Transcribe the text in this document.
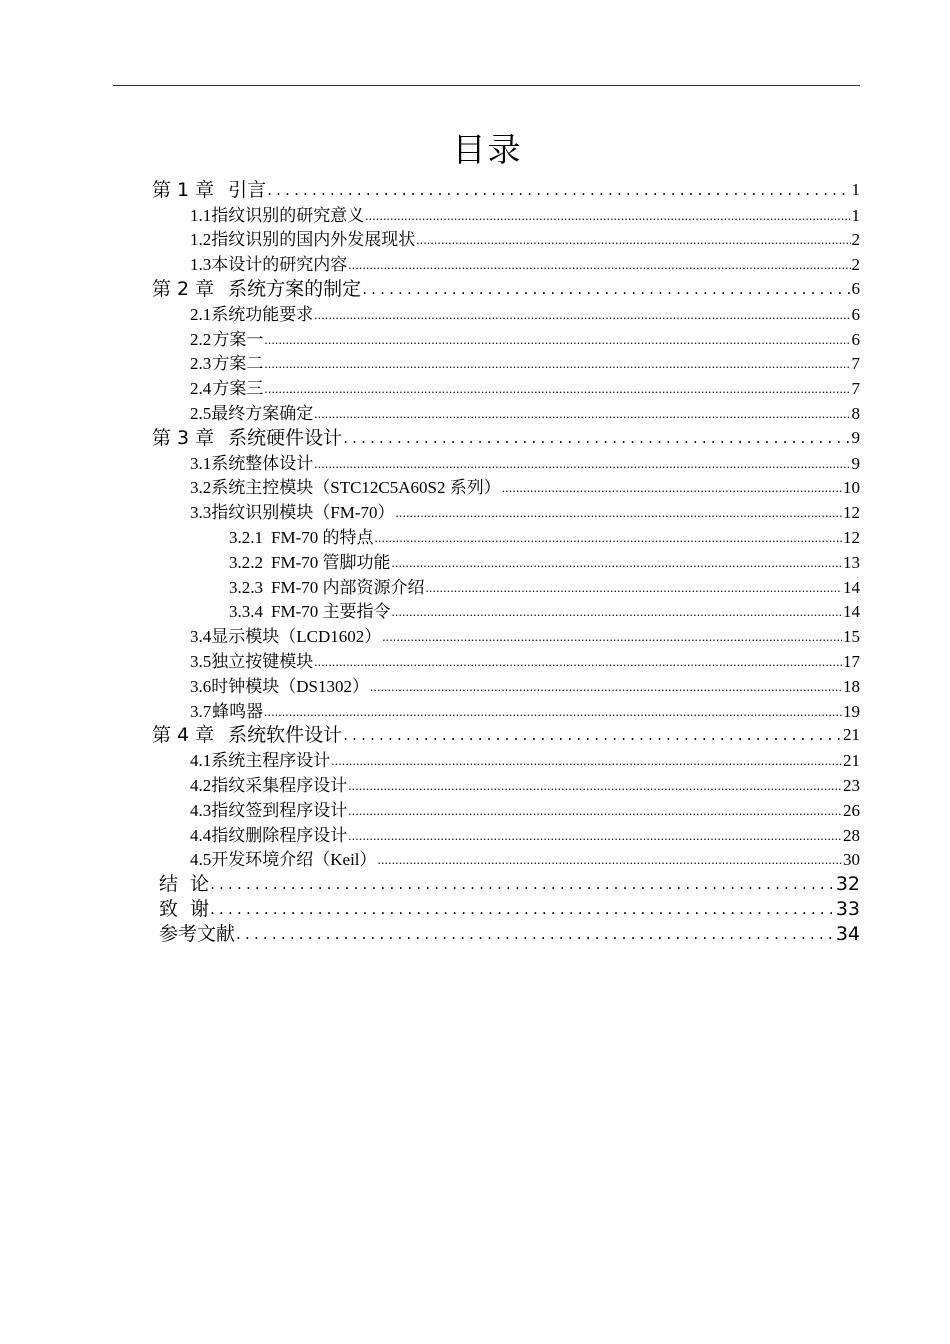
目录
第 1 章 引言 .....	1
1.1 指纹识别的研究意义 .....	1
1.2 指纹识别的国内外发展现状 .....	2
1.3 本设计的研究内容 .....	2
第 2 章 系统方案的制定 .....	6
2.1 系统功能要求 .....	6
2.2 方案一 .....	6
2.3 方案二 .....	7
2.4 方案三 .....	7
2.5 最终方案确定 .....	8
第 3 章 系统硬件设计 .....	9
3.1 系统整体设计 .....	9
3.2 系统主控模块（STC12C5A60S2 系列） .....	10
3.3 指纹识别模块（FM-70） .....	12
3.2.1 FM-70 的特点 .....	12
3.2.2 FM-70 管脚功能 .....	13
3.2.3 FM-70 内部资源介绍 .....	14
3.3.4 FM-70 主要指令 .....	14
3.4 显示模块（LCD1602） .....	15
3.5 独立按键模块 .....	17
3.6 时钟模块（DS1302） .....	18
3.7 蜂鸣器 .....	19
第 4 章 系统软件设计 .....	21
4.1 系统主程序设计 .....	21
4.2 指纹采集程序设计 .....	23
4.3 指纹签到程序设计 .....	26
4.4 指纹删除程序设计 .....	28
4.5 开发环境介绍（Keil） .....	30
结  论 .....	32
致  谢 .....	33
参考文献 .....	34
